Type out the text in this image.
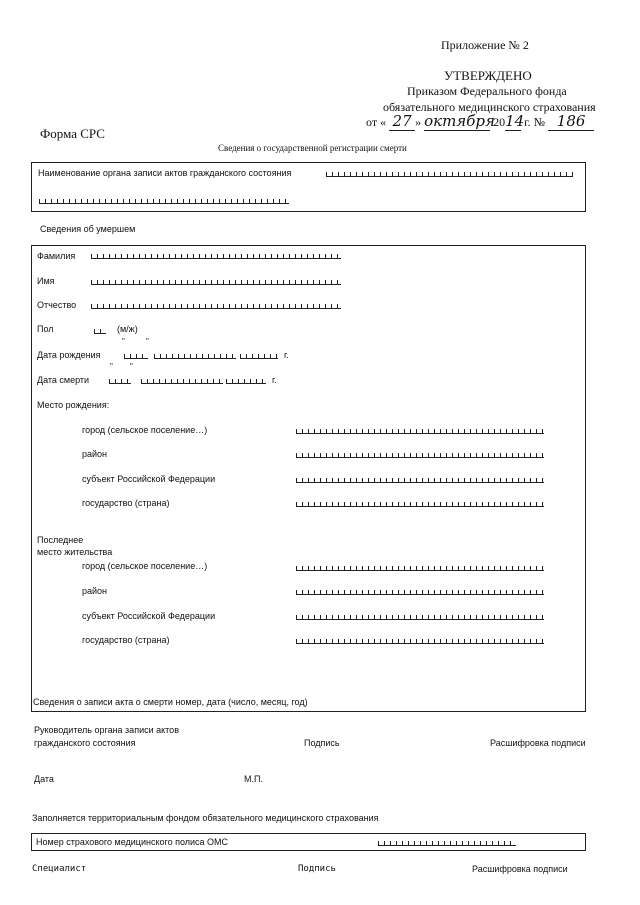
Приложение № 2
УТВЕРЖДЕНО
Приказом Федерального фонда
обязательного медицинского страхования
от « 27 » октября 2014 г. № 186
Форма СРС
Сведения о государственной регистрации смерти
Наименование органа записи актов гражданского состояния
Сведения об умершем
Фамилия
Имя
Отчество
Пол	(м/ж)
"	"
Дата рождения	г.
" "
Дата смерти	г.
Место рождения:
город (сельское поселение…)
район
субъект Российской Федерации
государство (страна)
Последнее
место жительства
город (сельское поселение…)
район
субъект Российской Федерации
государство (страна)
Сведения о записи акта о смерти номер, дата (число, месяц, год)
Руководитель органа записи актов
гражданского состояния	Подпись	Расшифровка подписи
Дата	М.П.
Заполняется территориальным фондом обязательного медицинского страхования
Номер страхового медицинского полиса ОМС
Специалист	Подпись	Расшифровка подписи
